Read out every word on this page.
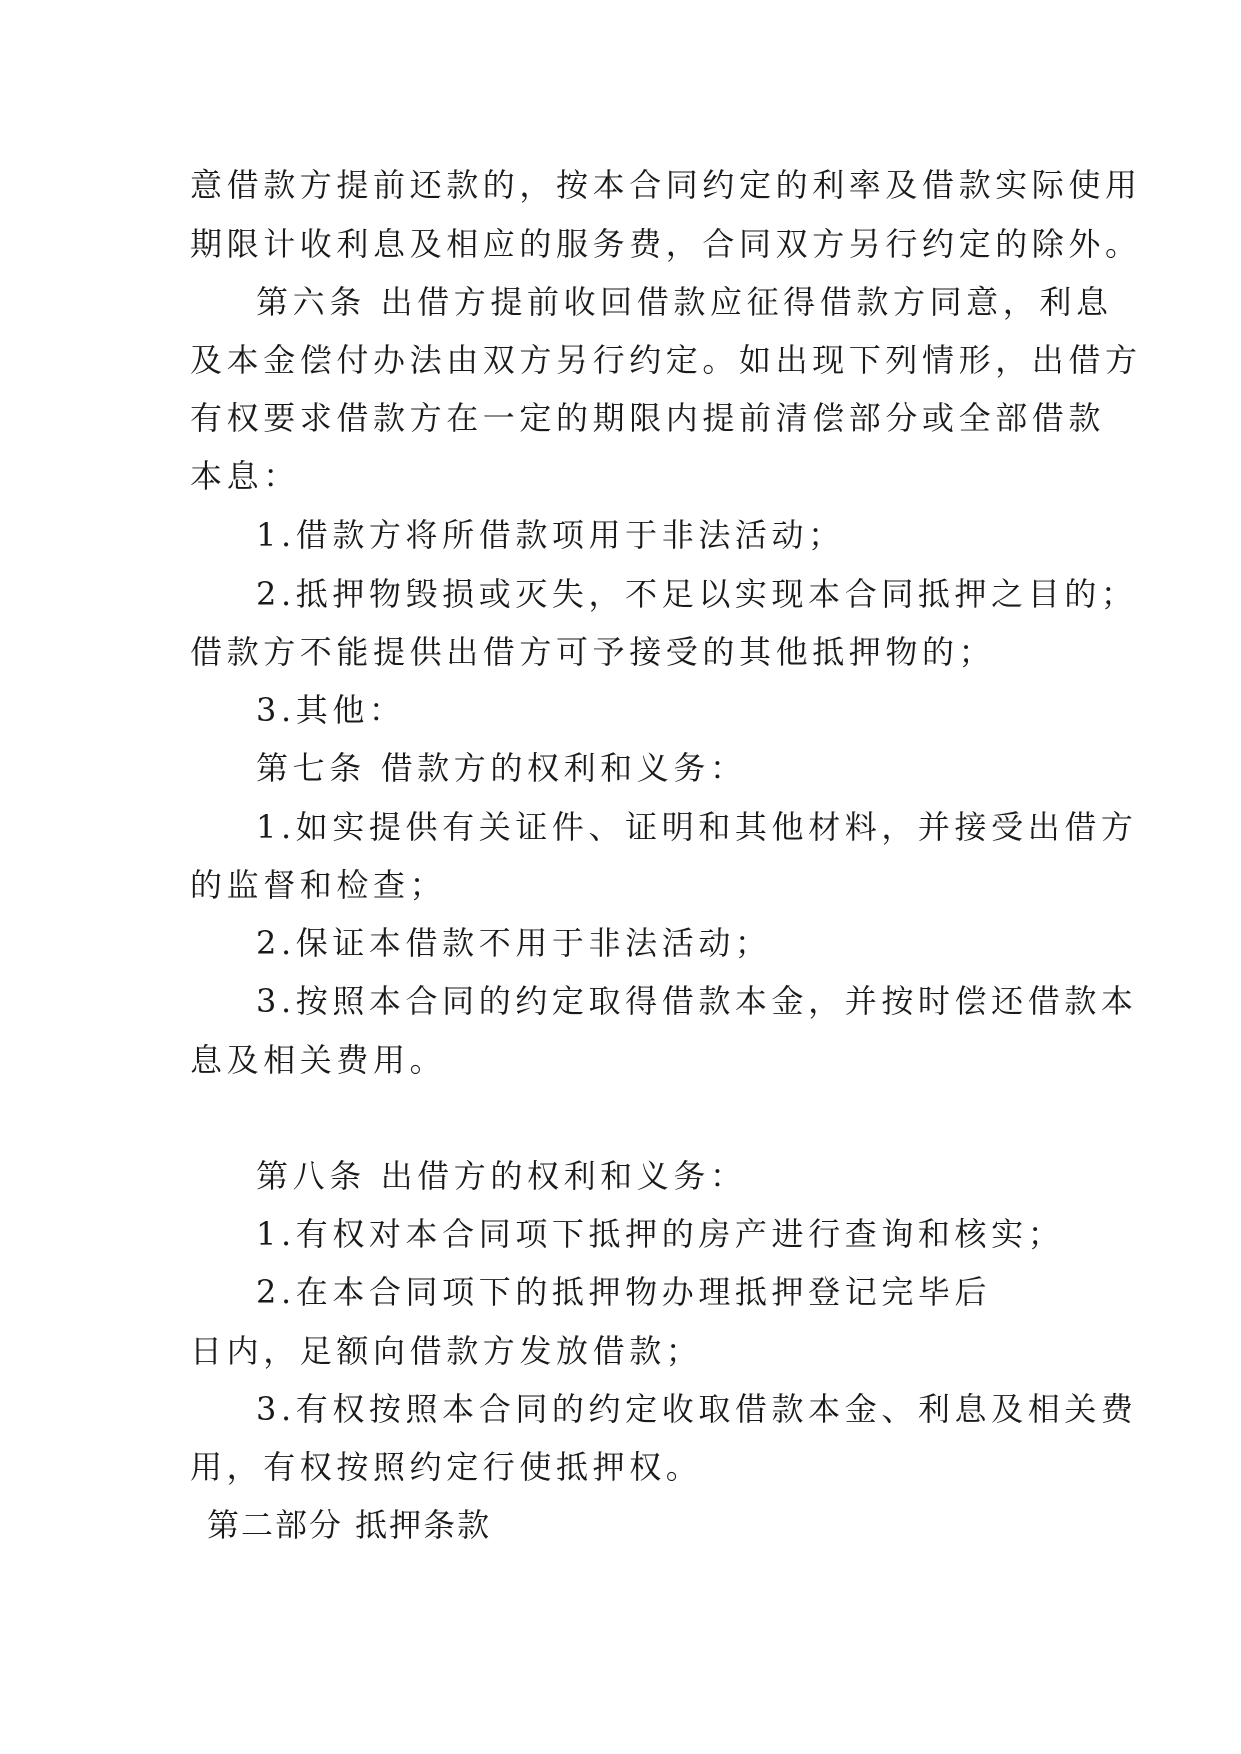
意借款方提前还款的，按本合同约定的利率及借款实际使用
期限计收利息及相应的服务费，合同双方另行约定的除外。
第六条 出借方提前收回借款应征得借款方同意，利息
及本金偿付办法由双方另行约定。如出现下列情形，出借方
有权要求借款方在一定的期限内提前清偿部分或全部借款
本息：
1.借款方将所借款项用于非法活动；
2.抵押物毁损或灭失，不足以实现本合同抵押之目的；
借款方不能提供出借方可予接受的其他抵押物的；
3.其他：
第七条 借款方的权利和义务：
1.如实提供有关证件、证明和其他材料，并接受出借方
的监督和检查；
2.保证本借款不用于非法活动；
3.按照本合同的约定取得借款本金，并按时偿还借款本
息及相关费用。
第八条 出借方的权利和义务：
1.有权对本合同项下抵押的房产进行查询和核实；
2.在本合同项下的抵押物办理抵押登记完毕后
日内，足额向借款方发放借款；
3.有权按照本合同的约定收取借款本金、利息及相关费
用，有权按照约定行使抵押权。
第二部分 抵押条款
